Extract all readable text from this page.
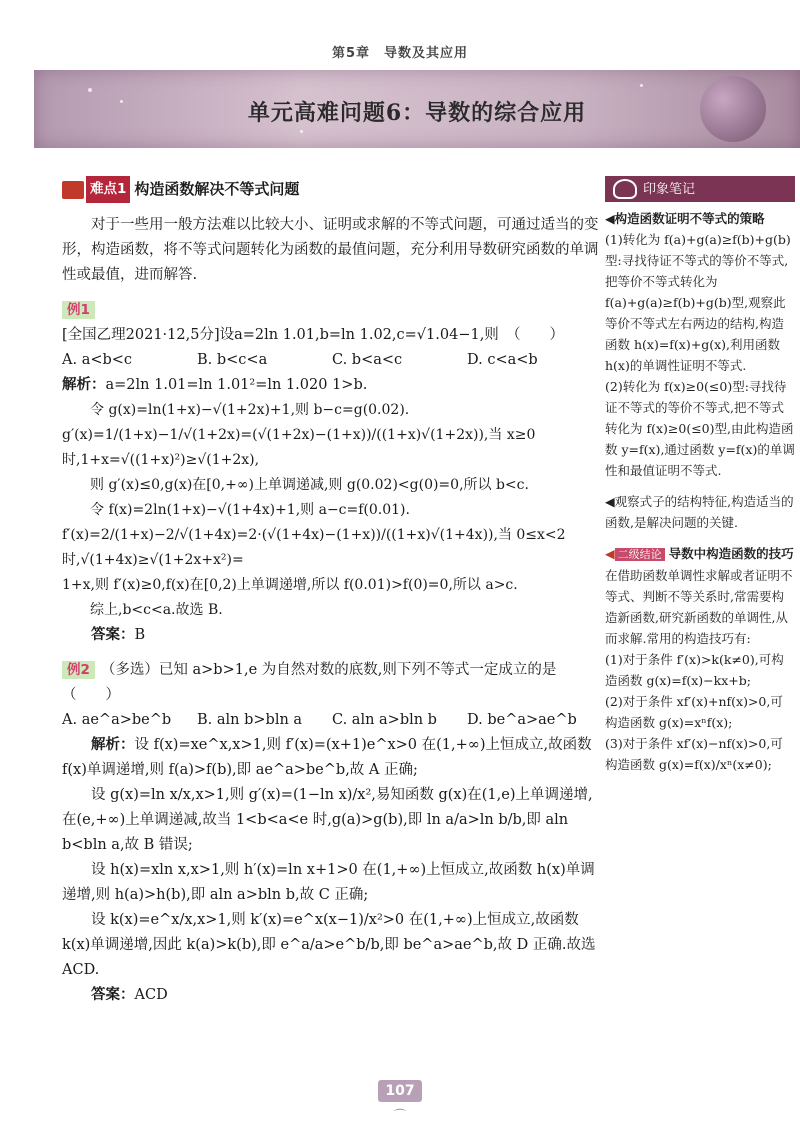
第5章　导数及其应用
单元高难问题6：导数的综合应用
难点1 构造函数解决不等式问题

对于一些用一般方法难以比较大小、证明或求解的不等式问题，可通过适当的变形，构造函数，将不等式问题转化为函数的最值问题，充分利用导数研究函数的单调性或最值，进而解答.

例1[全国乙理2021·12,5分]设a=2ln 1.01,b=ln 1.02,c=√1.04−1,则　（　　）

A. a<b<c	B. b<c<a	C. b<a<c	D. c<a<b

解析：a=2ln 1.01=ln 1.01²=ln 1.020 1>b.

令 g(x)=ln(1+x)−√(1+2x)+1,则 b−c=g(0.02).

g′(x)=1/(1+x)−1/√(1+2x)=(√(1+2x)−(1+x))/((1+x)√(1+2x)),当 x≥0 时,1+x=√((1+x)²)≥√(1+2x),

则 g′(x)≤0,g(x)在[0,+∞)上单调递减,则 g(0.02)<g(0)=0,所以 b<c.

令 f(x)=2ln(1+x)−√(1+4x)+1,则 a−c=f(0.01).

f′(x)=2/(1+x)−2/√(1+4x)=2·(√(1+4x)−(1+x))/((1+x)√(1+4x)),当 0≤x<2 时,√(1+4x)≥√(1+2x+x²)=

1+x,则 f′(x)≥0,f(x)在[0,2)上单调递增,所以 f(0.01)>f(0)=0,所以 a>c.

综上,b<c<a.故选 B.

答案：B

例2 （多选）已知 a>b>1,e 为自然对数的底数,则下列不等式一定成立的是　　　　　　　　　　　　（　　）

A. ae^a>be^b	B. aln b>bln a	C. aln a>bln b	D. be^a>ae^b

解析：设 f(x)=xe^x,x>1,则 f′(x)=(x+1)e^x>0 在(1,+∞)上恒成立,故函数 f(x)单调递增,则 f(a)>f(b),即 ae^a>be^b,故 A 正确;

设 g(x)=ln x/x,x>1,则 g′(x)=(1−ln x)/x²,易知函数 g(x)在(1,e)上单调递增,在(e,+∞)上单调递减,故当 1<b<a<e 时,g(a)>g(b),即 ln a/a>ln b/b,即 aln b<bln a,故 B 错误;

设 h(x)=xln x,x>1,则 h′(x)=ln x+1>0 在(1,+∞)上恒成立,故函数 h(x)单调递增,则 h(a)>h(b),即 aln a>bln b,故 C 正确;

设 k(x)=e^x/x,x>1,则 k′(x)=e^x(x−1)/x²>0 在(1,+∞)上恒成立,故函数 k(x)单调递增,因此 k(a)>k(b),即 e^a/a>e^b/b,即 be^a>ae^b,故 D 正确.故选 ACD.

答案：ACD

印象笔记

◀构造函数证明不等式的策略

(1)转化为 f(a)+g(a)≥f(b)+g(b)型:寻找待证不等式的等价不等式,把等价不等式转化为 f(a)+g(a)≥f(b)+g(b)型,观察此等价不等式左右两边的结构,构造函数 h(x)=f(x)+g(x),利用函数 h(x)的单调性证明不等式.

(2)转化为 f(x)≥0(≤0)型:寻找待证不等式的等价不等式,把不等式转化为 f(x)≥0(≤0)型,由此构造函数 y=f(x),通过函数 y=f(x)的单调性和最值证明不等式.

◀观察式子的结构特征,构造适当的函数,是解决问题的关键.

◀ 二级结论 导数中构造函数的技巧

在借助函数单调性求解或者证明不等式、判断不等关系时,常需要构造新函数,研究新函数的单调性,从而求解.常用的构造技巧有:

(1)对于条件 f′(x)>k(k≠0),可构造函数 g(x)=f(x)−kx+b;

(2)对于条件 xf′(x)+nf(x)>0,可构造函数 g(x)=xⁿf(x);

(3)对于条件 xf′(x)−nf(x)>0,可构造函数 g(x)=f(x)/xⁿ(x≠0);

107
⌒
